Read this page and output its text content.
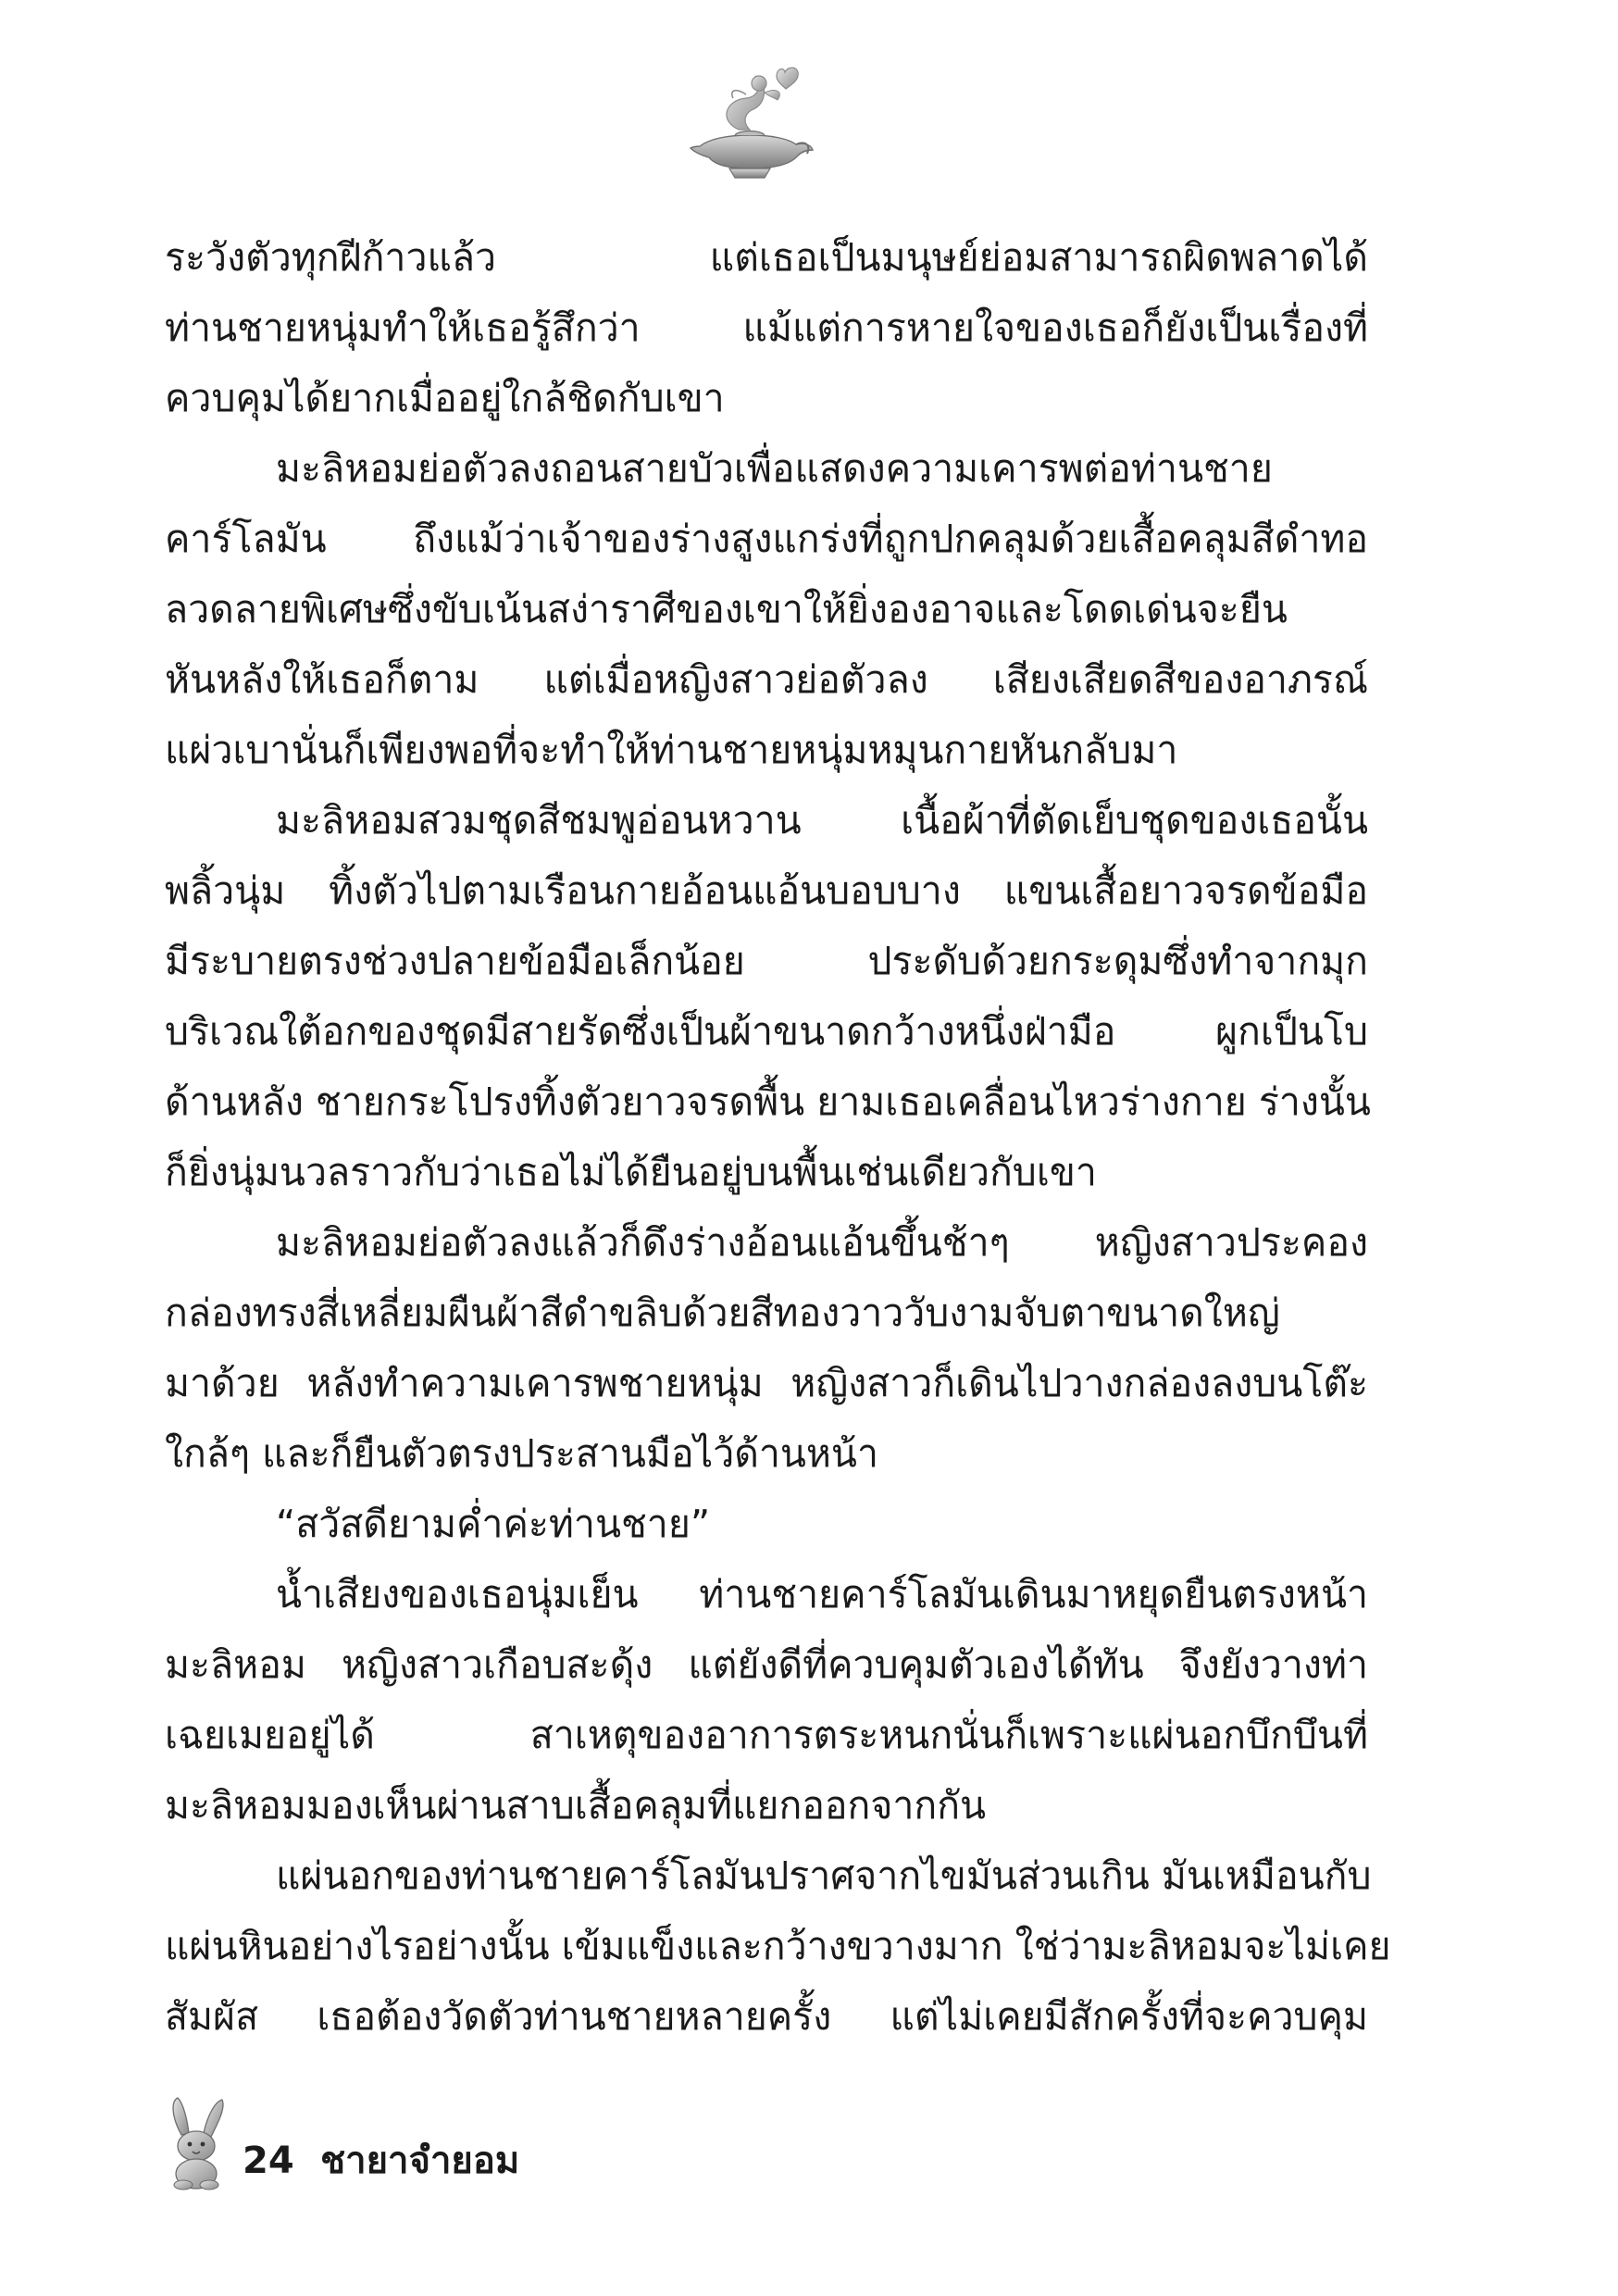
ระวังตัวทุกฝีก้าวแล้ว แต่เธอเป็นมนุษย์ย่อมสามารถผิดพลาดได้
ท่านชายหนุ่มทำให้เธอรู้สึกว่า แม้แต่การหายใจของเธอก็ยังเป็นเรื่องที่
ควบคุมได้ยากเมื่ออยู่ใกล้ชิดกับเขา
มะลิหอมย่อตัวลงถอนสายบัวเพื่อแสดงความเคารพต่อท่านชาย
คาร์โลมัน ถึงแม้ว่าเจ้าของร่างสูงแกร่งที่ถูกปกคลุมด้วยเสื้อคลุมสีดำทอ
ลวดลายพิเศษซึ่งขับเน้นสง่าราศีของเขาให้ยิ่งองอาจและโดดเด่นจะยืน
หันหลังให้เธอก็ตาม แต่เมื่อหญิงสาวย่อตัวลง เสียงเสียดสีของอาภรณ์
แผ่วเบานั่นก็เพียงพอที่จะทำให้ท่านชายหนุ่มหมุนกายหันกลับมา
มะลิหอมสวมชุดสีชมพูอ่อนหวาน เนื้อผ้าที่ตัดเย็บชุดของเธอนั้น
พลิ้วนุ่ม ทิ้งตัวไปตามเรือนกายอ้อนแอ้นบอบบาง แขนเสื้อยาวจรดข้อมือ
มีระบายตรงช่วงปลายข้อมือเล็กน้อย ประดับด้วยกระดุมซึ่งทำจากมุก
บริเวณใต้อกของชุดมีสายรัดซึ่งเป็นผ้าขนาดกว้างหนึ่งฝ่ามือ ผูกเป็นโบ
ด้านหลัง ชายกระโปรงทิ้งตัวยาวจรดพื้น ยามเธอเคลื่อนไหวร่างกาย ร่างนั้น
ก็ยิ่งนุ่มนวลราวกับว่าเธอไม่ได้ยืนอยู่บนพื้นเช่นเดียวกับเขา
มะลิหอมย่อตัวลงแล้วก็ดึงร่างอ้อนแอ้นขึ้นช้าๆ หญิงสาวประคอง
กล่องทรงสี่เหลี่ยมผืนผ้าสีดำขลิบด้วยสีทองวาววับงามจับตาขนาดใหญ่
มาด้วย หลังทำความเคารพชายหนุ่ม หญิงสาวก็เดินไปวางกล่องลงบนโต๊ะ
ใกล้ๆ และก็ยืนตัวตรงประสานมือไว้ด้านหน้า
“สวัสดียามค่ำค่ะท่านชาย”
น้ำเสียงของเธอนุ่มเย็น ท่านชายคาร์โลมันเดินมาหยุดยืนตรงหน้า
มะลิหอม หญิงสาวเกือบสะดุ้ง แต่ยังดีที่ควบคุมตัวเองได้ทัน จึงยังวางท่า
เฉยเมยอยู่ได้ สาเหตุของอาการตระหนกนั่นก็เพราะแผ่นอกบึกบึนที่
มะลิหอมมองเห็นผ่านสาบเสื้อคลุมที่แยกออกจากกัน
แผ่นอกของท่านชายคาร์โลมันปราศจากไขมันส่วนเกิน มันเหมือนกับ
แผ่นหินอย่างไรอย่างนั้น เข้มแข็งและกว้างขวางมาก ใช่ว่ามะลิหอมจะไม่เคย
สัมผัส เธอต้องวัดตัวท่านชายหลายครั้ง แต่ไม่เคยมีสักครั้งที่จะควบคุม
24 ชายาจำยอม
